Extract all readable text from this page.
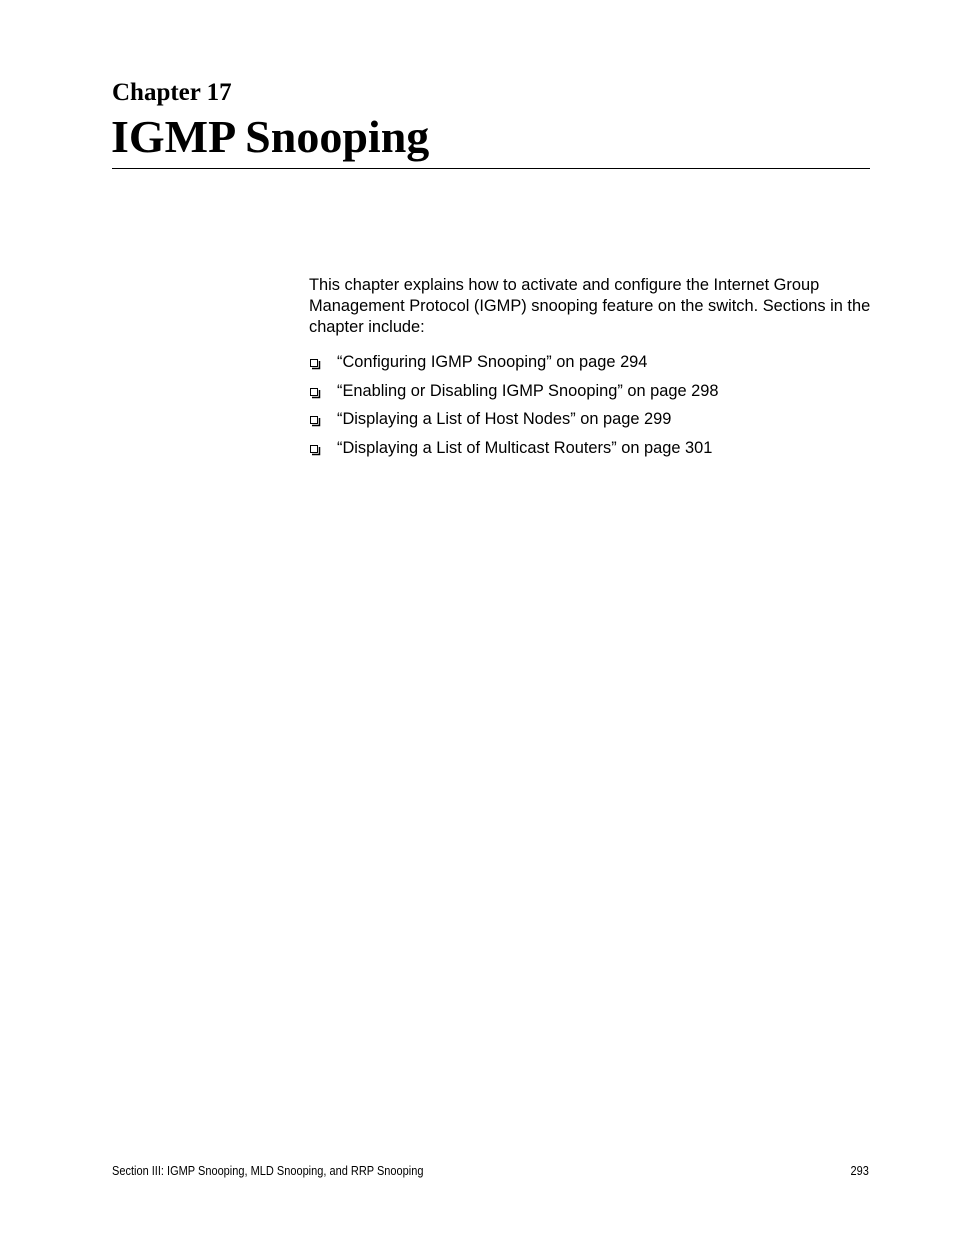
Chapter 17
IGMP Snooping

This chapter explains how to activate and configure the Internet Group Management Protocol (IGMP) snooping feature on the switch. Sections in the chapter include:

“Configuring IGMP Snooping” on page 294
“Enabling or Disabling IGMP Snooping” on page 298
“Displaying a List of Host Nodes” on page 299
“Displaying a List of Multicast Routers” on page 301
Section III: IGMP Snooping, MLD Snooping, and RRP Snooping	293
